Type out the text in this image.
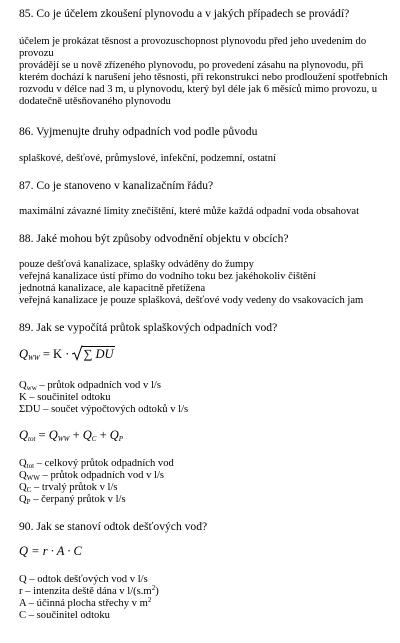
85. Co je účelem zkoušení plynovodu a v jakých případech se provádí?

účelem je prokázat těsnost a provozuschopnost plynovodu před jeho uvedením do
provozu
provádějí se u nově zřízeného plynovodu, po provedení zásahu na plynovodu, při
kterém dochází k narušení jeho těsnosti, při rekonstrukci nebo prodloužení spotřebních
rozvodu v délce nad 3 m, u plynovodu, který byl déle jak 6 měsíců mimo provozu, u
dodatečně utěsňovaného plynovodu

86. Vyjmenujte druhy odpadních vod podle původu

splaškové, dešťové, průmyslové, infekční, podzemní, ostatní

87. Co je stanoveno v kanalizačním řádu?

maximální závazné limity znečištění, které může každá odpadní voda obsahovat

88. Jaké mohou být způsoby odvodnění objektu v obcích?

pouze dešťová kanalizace, splašky odváděny do žumpy
veřejná kanalizace ústí přímo do vodního toku bez jakéhokoliv čištění
jednotná kanalizace, ale kapacitně přetížena
veřejná kanalizace je pouze splašková, dešťové vody vedeny do vsakovacích jam

89. Jak se vypočítá průtok splaškových odpadních vod?

$Q_{WW} = K$ ·
∑ DU
$Q_{ww}$ – průtok odpadních vod v l/s
K – součinitel odtoku
ΣDU – součet výpočtových odtoků v l/s
$Q_{tot} = Q_{WW} + Q_C + Q_P$
$Q_{tot}$ – celkový průtok odpadních vod
$Q_{WW}$ – průtok odpadních vod v l/s
$Q_C$ – trvalý průtok v l/s
$Q_P$ – čerpaný průtok v l/s

90. Jak se stanoví odtok dešťových vod?

Q = r · A · C
Q – odtok dešťových vod v l/s
r – intenzita deště dána v $l/(s.m^2)$
A – účinná plocha střechy v $m^2$
C – součinitel odtoku
